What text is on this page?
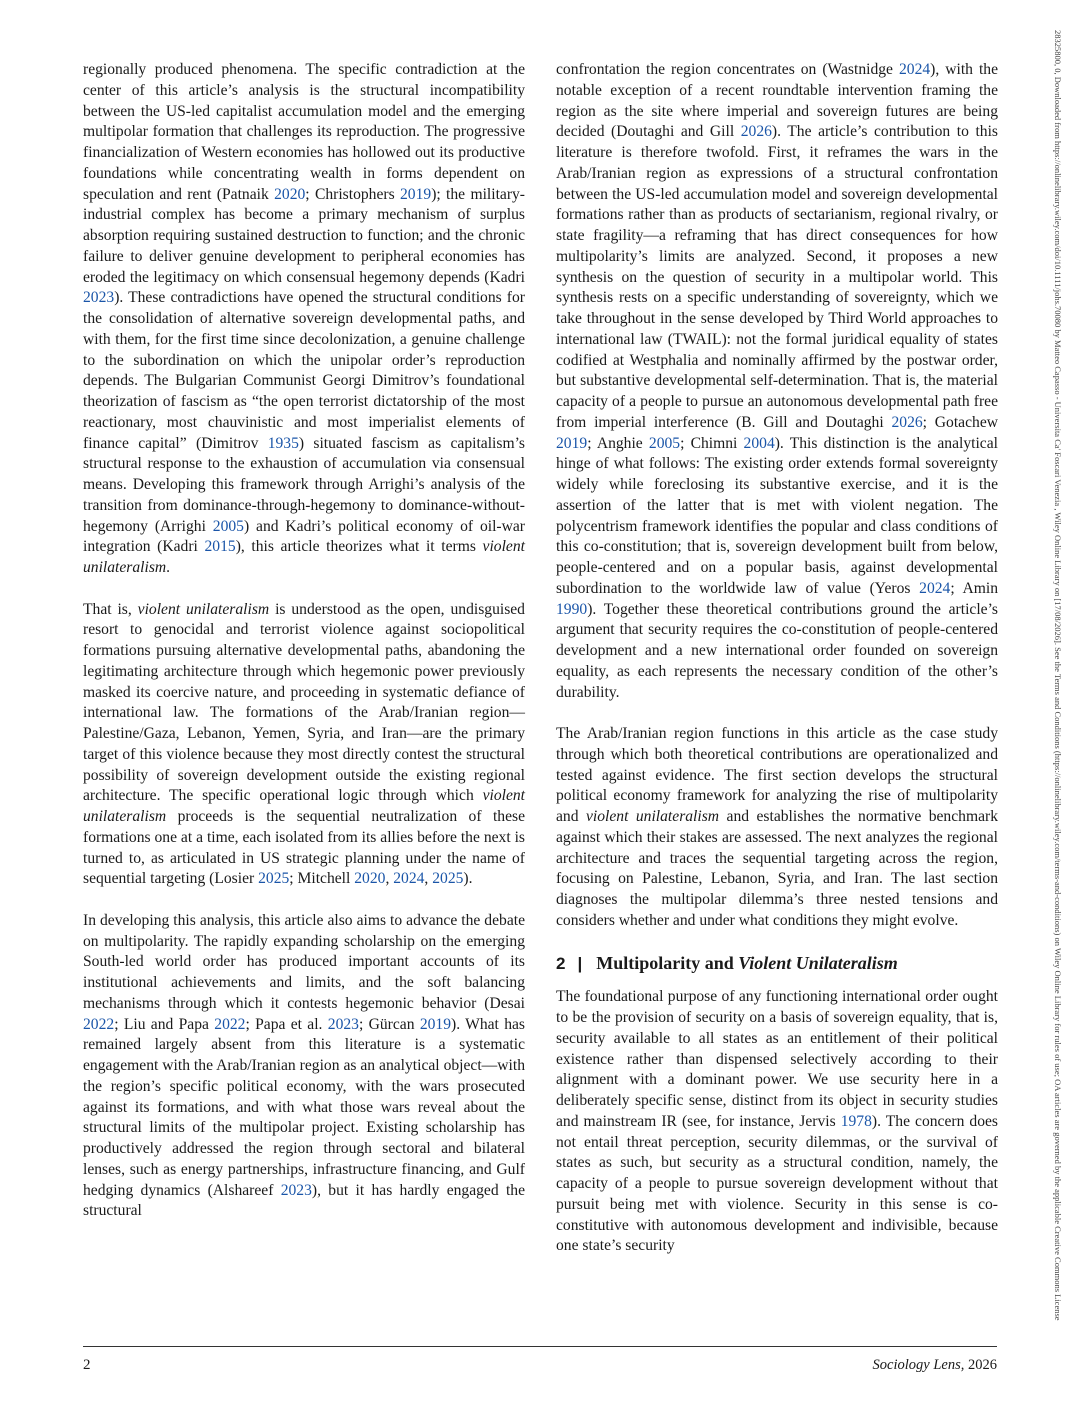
regionally produced phenomena. The specific contradiction at the center of this article’s analysis is the structural incompatibility between the US-led capitalist accumulation model and the emerging multipolar formation that challenges its reproduction. The progressive financialization of Western economies has hollowed out its productive foundations while concentrating wealth in forms dependent on speculation and rent (Patnaik 2020; Christophers 2019); the military-industrial complex has become a primary mechanism of surplus absorption requiring sustained destruction to function; and the chronic failure to deliver genuine development to peripheral economies has eroded the legitimacy on which consensual hegemony depends (Kadri 2023). These contradictions have opened the structural conditions for the consolidation of alternative sovereign developmental paths, and with them, for the first time since decolonization, a genuine challenge to the subordination on which the unipolar order’s reproduction depends. The Bulgarian Communist Georgi Dimitrov’s foundational theorization of fascism as “the open terrorist dictatorship of the most reactionary, most chauvinistic and most imperialist elements of finance capital” (Dimitrov 1935) situated fascism as capitalism’s structural response to the exhaustion of accumulation via consensual means. Developing this framework through Arrighi’s analysis of the transition from dominance-through-hegemony to dominance-without-hegemony (Arrighi 2005) and Kadri’s political economy of oil-war integration (Kadri 2015), this article theorizes what it terms violent unilateralism.

That is, violent unilateralism is understood as the open, undisguised resort to genocidal and terrorist violence against sociopolitical formations pursuing alternative developmental paths, abandoning the legitimating architecture through which hegemonic power previously masked its coercive nature, and proceeding in systematic defiance of international law. The formations of the Arab/Iranian region—Palestine/Gaza, Lebanon, Yemen, Syria, and Iran—are the primary target of this violence because they most directly contest the structural possibility of sovereign development outside the existing regional architecture. The specific operational logic through which violent unilateralism proceeds is the sequential neutralization of these formations one at a time, each isolated from its allies before the next is turned to, as articulated in US strategic planning under the name of sequential targeting (Losier 2025; Mitchell 2020, 2024, 2025).

In developing this analysis, this article also aims to advance the debate on multipolarity. The rapidly expanding scholarship on the emerging South-led world order has produced important accounts of its institutional achievements and limits, and the soft balancing mechanisms through which it contests hegemonic behavior (Desai 2022; Liu and Papa 2022; Papa et al. 2023; Gürcan 2019). What has remained largely absent from this literature is a systematic engagement with the Arab/Iranian region as an analytical object—with the region’s specific political economy, with the wars prosecuted against its formations, and with what those wars reveal about the structural limits of the multipolar project. Existing scholarship has productively addressed the region through sectoral and bilateral lenses, such as energy partnerships, infrastructure financing, and Gulf hedging dynamics (Alshareef 2023), but it has hardly engaged the structural

confrontation the region concentrates on (Wastnidge 2024), with the notable exception of a recent roundtable intervention framing the region as the site where imperial and sovereign futures are being decided (Doutaghi and Gill 2026). The article’s contribution to this literature is therefore twofold. First, it reframes the wars in the Arab/Iranian region as expressions of a structural confrontation between the US-led accumulation model and sovereign developmental formations rather than as products of sectarianism, regional rivalry, or state fragility—a reframing that has direct consequences for how multipolarity’s limits are analyzed. Second, it proposes a new synthesis on the question of security in a multipolar world. This synthesis rests on a specific understanding of sovereignty, which we take throughout in the sense developed by Third World approaches to international law (TWAIL): not the formal juridical equality of states codified at Westphalia and nominally affirmed by the postwar order, but substantive developmental self-determination. That is, the material capacity of a people to pursue an autonomous developmental path free from imperial interference (B. Gill and Doutaghi 2026; Gotachew 2019; Anghie 2005; Chimni 2004). This distinction is the analytical hinge of what follows: The existing order extends formal sovereignty widely while foreclosing its substantive exercise, and it is the assertion of the latter that is met with violent negation. The polycentrism framework identifies the popular and class conditions of this co-constitution; that is, sovereign development built from below, people-centered and on a popular basis, against developmental subordination to the worldwide law of value (Yeros 2024; Amin 1990). Together these theoretical contributions ground the article’s argument that security requires the co-constitution of people-centered development and a new international order founded on sovereign equality, as each represents the necessary condition of the other’s durability.

The Arab/Iranian region functions in this article as the case study through which both theoretical contributions are operationalized and tested against evidence. The first section develops the structural political economy framework for analyzing the rise of multipolarity and violent unilateralism and establishes the normative benchmark against which their stakes are assessed. The next analyzes the regional architecture and traces the sequential targeting across the region, focusing on Palestine, Lebanon, Syria, and Iran. The last section diagnoses the multipolar dilemma’s three nested tensions and considers whether and under what conditions they might evolve.

2 | Multipolarity and Violent Unilateralism

The foundational purpose of any functioning international order ought to be the provision of security on a basis of sovereign equality, that is, security available to all states as an entitlement of their political existence rather than dispensed selectively according to their alignment with a dominant power. We use security here in a deliberately specific sense, distinct from its object in security studies and mainstream IR (see, for instance, Jervis 1978). The concern does not entail threat perception, security dilemmas, or the survival of states as such, but security as a structural condition, namely, the capacity of a people to pursue sovereign development without that pursuit being met with violence. Security in this sense is co-constitutive with autonomous development and indivisible, because one state’s security

2	Sociology Lens, 2026
28325800, 0, Downloaded from https://onlinelibrary.wiley.com/doi/10.1111/johs.70080 by Matteo Capasso - Universita Ca' Foscari Venezia , Wiley Online Library on [17/08/2026]. See the Terms and Conditions (https://onlinelibrary.wiley.com/terms-and-conditions) on Wiley Online Library for rules of use; OA articles are governed by the applicable Creative Commons License
